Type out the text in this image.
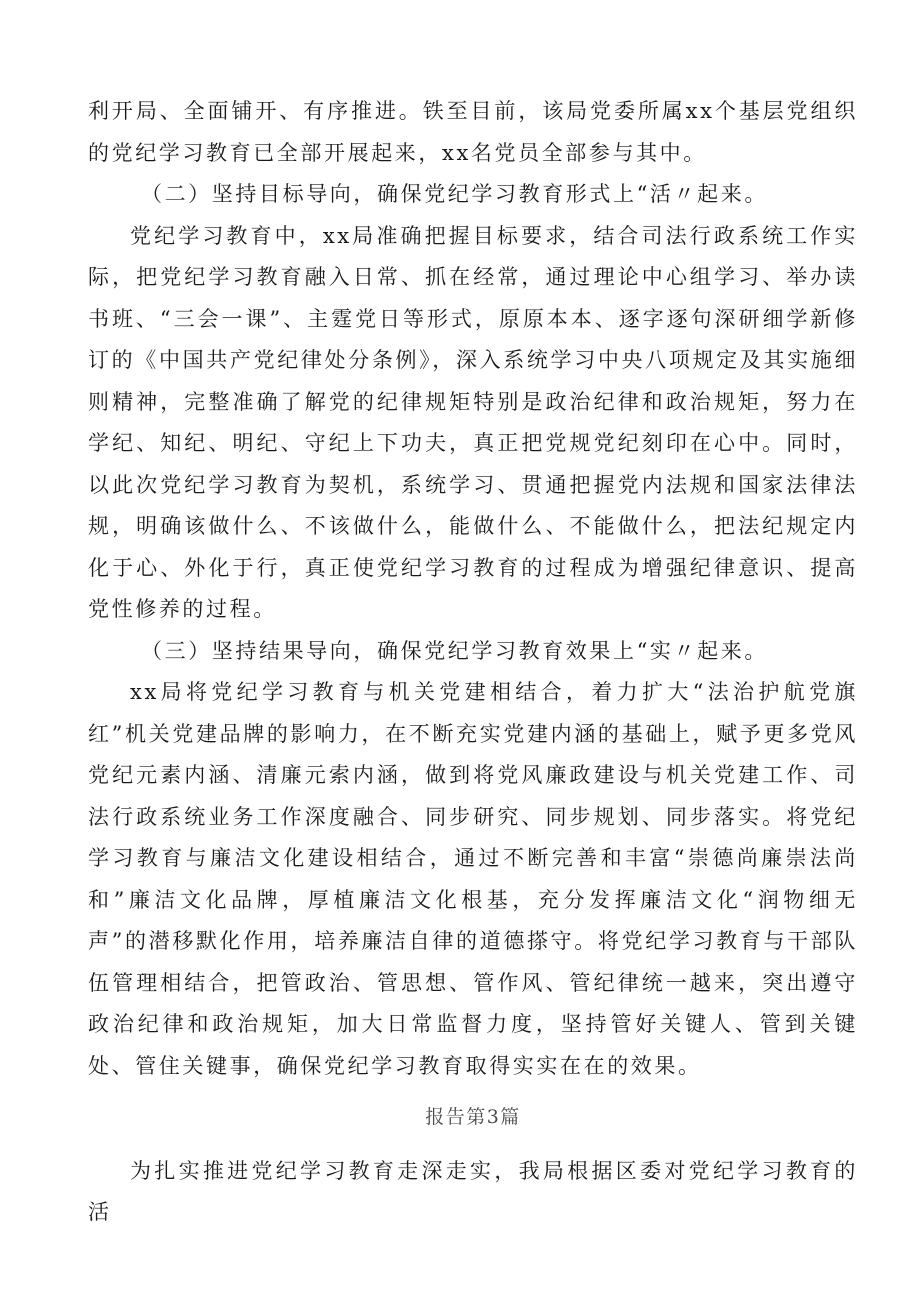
利开局、全面铺开、有序推进。铁至目前，该局党委所属xx个基层党组织的党纪学习教育已全部开展起来，xx名党员全部参与其中。

（二）坚持目标导向，确保党纪学习教育形式上“活〃起来。

党纪学习教育中，xx局准确把握目标要求，结合司法行政系统工作实际，把党纪学习教育融入日常、抓在经常，通过理论中心组学习、举办读书班、“三会一课”、主霆党日等形式，原原本本、逐字逐句深研细学新修订的《中国共产党纪律处分条例》，深入系统学习中央八项规定及其实施细则精神，完整准确了解党的纪律规矩特别是政治纪律和政治规矩，努力在学纪、知纪、明纪、守纪上下功夫，真正把党规党纪刻印在心中。同时，以此次党纪学习教育为契机，系统学习、贯通把握党内法规和国家法律法规，明确该做什么、不该做什么，能做什么、不能做什么，把法纪规定内化于心、外化于行，真正使党纪学习教育的过程成为增强纪律意识、提高党性修养的过程。

（三）坚持结果导向，确保党纪学习教育效果上“实〃起来。

xx局将党纪学习教育与机关党建相结合，着力扩大“法治护航党旗红”机关党建品牌的影响力，在不断充实党建内涵的基础上，赋予更多党风党纪元素内涵、清廉元索内涵，做到将党风廉政建设与机关党建工作、司法行政系统业务工作深度融合、同步研究、同步规划、同步落实。将党纪学习教育与廉洁文化建设相结合，通过不断完善和丰富“崇德尚廉崇法尚和”廉洁文化品牌，厚植廉洁文化根基，充分发挥廉洁文化“润物细无声”的潜移默化作用，培养廉洁自律的道德搽守。将党纪学习教育与干部队伍管理相结合，把管政治、管思想、管作风、管纪律统一越来，突出遵守政治纪律和政治规矩，加大日常监督力度，坚持管好关键人、管到关键处、管住关键事，确保党纪学习教育取得实实在在的效果。

报告第3篇

为扎实推进党纪学习教育走深走实，我局根据区委对党纪学习教育的活
